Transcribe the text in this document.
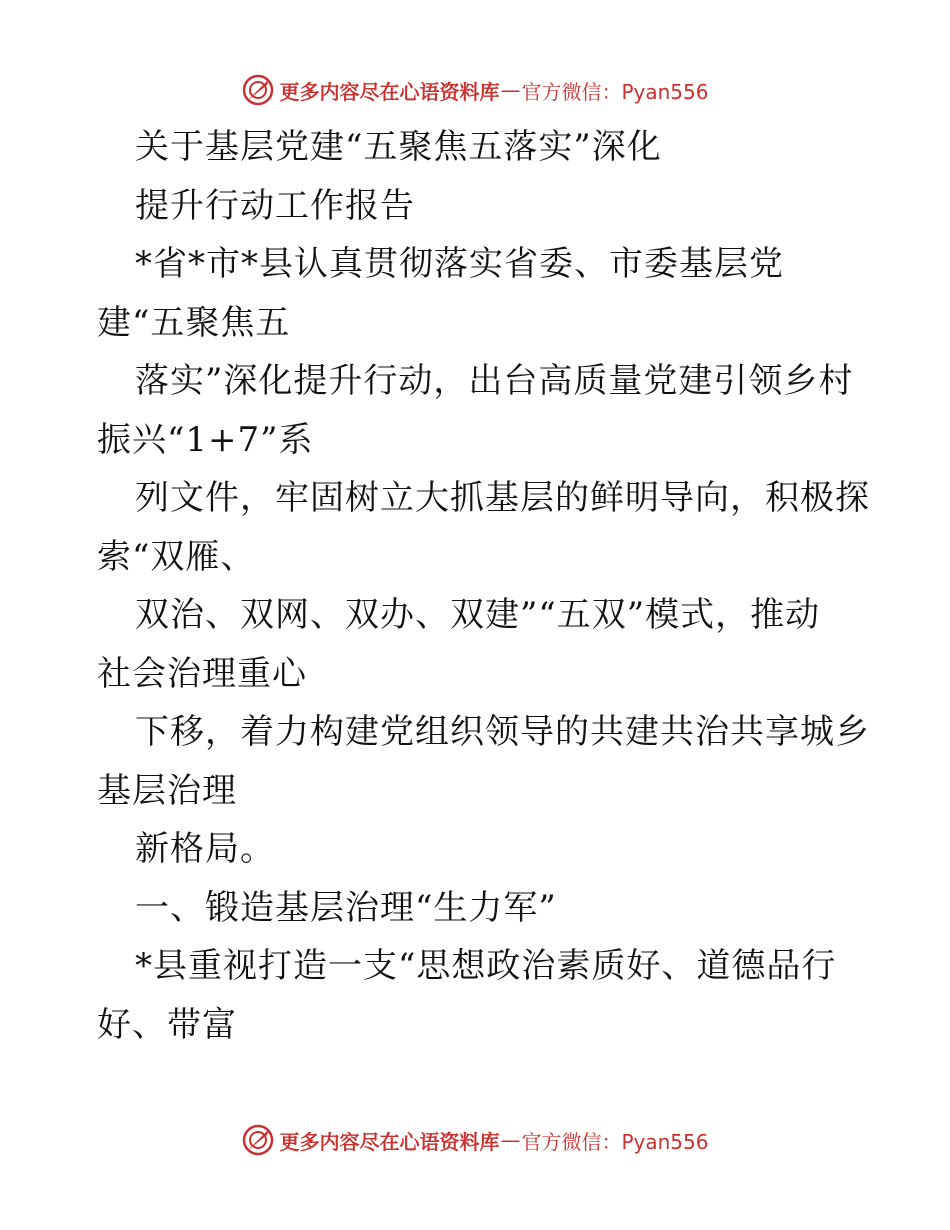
更多内容尽在心语资料库 — 官方微信：Pyan556
关于基层党建“五聚焦五落实”深化
提升行动工作报告
*省*市*县认真贯彻落实省委、市委基层党
建“五聚焦五
落实”深化提升行动，出台高质量党建引领乡村
振兴“1+7”系
列文件，牢固树立大抓基层的鲜明导向，积极探
索“双雁、
双治、双网、双办、双建”“五双”模式，推动
社会治理重心
下移，着力构建党组织领导的共建共治共享城乡
基层治理
新格局。
一、锻造基层治理“生力军”
*县重视打造一支“思想政治素质好、道德品行
好、带富
更多内容尽在心语资料库 — 官方微信：Pyan556
